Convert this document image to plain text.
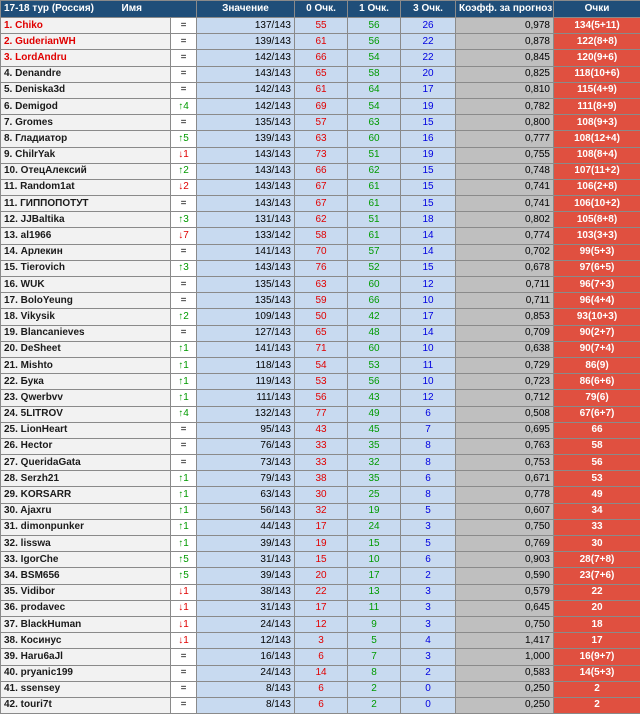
17-18 тур (Россия) Имя		Значение	0 Очк.	1 Очк.	3 Очк.	Коэфф. за прогноз	Очки
1. Chiko	=	137/143	55	56	26	0,978	134(5+11)
2. GuderianWH	=	139/143	61	56	22	0,878	122(8+8)
3. LordAndru	=	142/143	66	54	22	0,845	120(9+6)
4. Denandre	=	143/143	65	58	20	0,825	118(10+6)
5. Deniska3d	=	142/143	61	64	17	0,810	115(4+9)
6. Demigod	↑4	142/143	69	54	19	0,782	111(8+9)
7. Gromes	=	135/143	57	63	15	0,800	108(9+3)
8. Гладиатор	↑5	139/143	63	60	16	0,777	108(12+4)
9. ChilrYak	↓1	143/143	73	51	19	0,755	108(8+4)
10. ОтецАлексий	↑2	143/143	66	62	15	0,748	107(11+2)
11. Random1at	↓2	143/143	67	61	15	0,741	106(2+8)
11. ГИППОПОТУТ	=	143/143	67	61	15	0,741	106(10+2)
12. JJBaltika	↑3	131/143	62	51	18	0,802	105(8+8)
13. al1966	↓7	133/142	58	61	14	0,774	103(3+3)
14. Арлекин	=	141/143	70	57	14	0,702	99(5+3)
15. Tierovich	↑3	143/143	76	52	15	0,678	97(6+5)
16. WUK	=	135/143	63	60	12	0,711	96(7+3)
17. BoloYeung	=	135/143	59	66	10	0,711	96(4+4)
18. Vikysik	↑2	109/143	50	42	17	0,853	93(10+3)
19. Blancanieves	=	127/143	65	48	14	0,709	90(2+7)
20. DeSheet	↑1	141/143	71	60	10	0,638	90(7+4)
21. Mishto	↑1	118/143	54	53	11	0,729	86(9)
22. Бука	↑1	119/143	53	56	10	0,723	86(6+6)
23. Qwerbvv	↑1	111/143	56	43	12	0,712	79(6)
24. 5LITROV	↑4	132/143	77	49	6	0,508	67(6+7)
25. LionHeart	=	95/143	43	45	7	0,695	66
26. Hector	=	76/143	33	35	8	0,763	58
27. QueridaGata	=	73/143	33	32	8	0,753	56
28. Serzh21	↑1	79/143	38	35	6	0,671	53
29. KORSARR	↑1	63/143	30	25	8	0,778	49
30. Ajaxru	↑1	56/143	32	19	5	0,607	34
31. dimonpunker	↑1	44/143	17	24	3	0,750	33
32. lisswa	↑1	39/143	19	15	5	0,769	30
33. IgorChe	↑5	31/143	15	10	6	0,903	28(7+8)
34. BSM656	↑5	39/143	20	17	2	0,590	23(7+6)
35. Vidibor	↓1	38/143	22	13	3	0,579	22
36. prodavec	↓1	31/143	17	11	3	0,645	20
37. BlackHuman	↓1	24/143	12	9	3	0,750	18
38. Косинус	↓1	12/143	3	5	4	1,417	17
39. Haru6aJl	=	16/143	6	7	3	1,000	16(9+7)
40. pryanic199	=	24/143	14	8	2	0,583	14(5+3)
41. ssensey	=	8/143	6	2	0	0,250	2
42. touri7t	=	8/143	6	2	0	0,250	2
